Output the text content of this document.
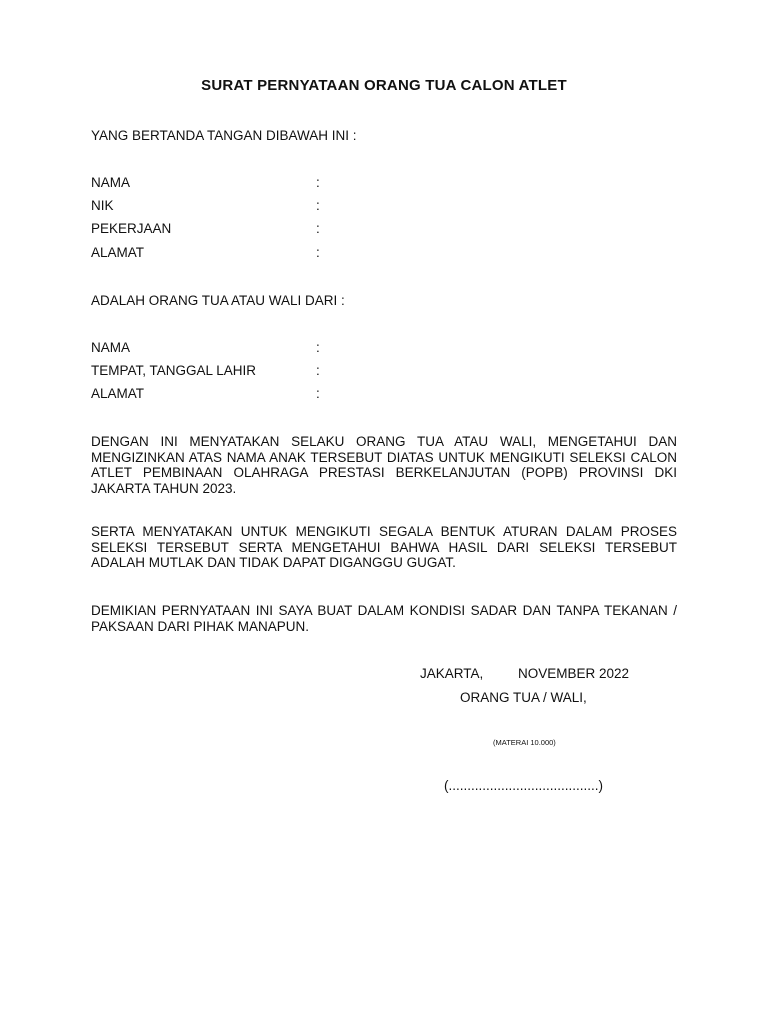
SURAT PERNYATAAN ORANG TUA CALON ATLET
YANG BERTANDA TANGAN DIBAWAH INI :
NAMA	:
NIK	:
PEKERJAAN	:
ALAMAT	:
ADALAH ORANG TUA ATAU WALI DARI :
NAMA	:
TEMPAT, TANGGAL LAHIR	:
ALAMAT	:
DENGAN INI MENYATAKAN SELAKU ORANG TUA ATAU WALI, MENGETAHUI DAN MENGIZINKAN ATAS NAMA ANAK TERSEBUT DIATAS UNTUK MENGIKUTI SELEKSI CALON ATLET PEMBINAAN OLAHRAGA PRESTASI BERKELANJUTAN (POPB) PROVINSI DKI JAKARTA TAHUN 2023.
SERTA MENYATAKAN UNTUK MENGIKUTI SEGALA BENTUK ATURAN DALAM PROSES SELEKSI TERSEBUT SERTA MENGETAHUI BAHWA HASIL DARI SELEKSI TERSEBUT ADALAH MUTLAK DAN TIDAK DAPAT DIGANGGU GUGAT.
DEMIKIAN PERNYATAAN INI SAYA BUAT DALAM KONDISI SADAR DAN TANPA TEKANAN / PAKSAAN DARI PIHAK MANAPUN.
JAKARTA,	NOVEMBER 2022
ORANG TUA / WALI,
(MATERAI 10.000)
(........................................)
